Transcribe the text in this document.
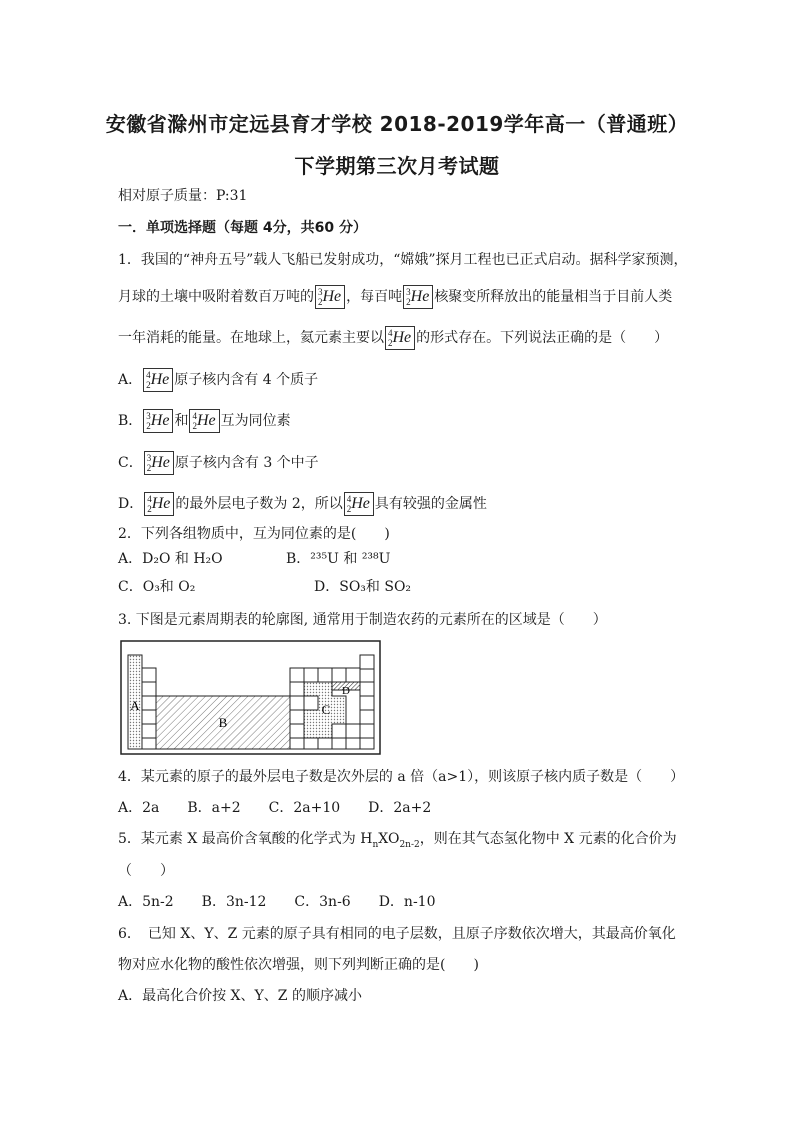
安徽省滁州市定远县育才学校 2018-2019学年高一（普通班）
下学期第三次月考试题
相对原子质量：P:31
一．单项选择题（每题 4分，共60 分）
1．我国的“神舟五号”载人飞船已发射成功，“嫦娥”探月工程也已正式启动。据科学家预测，
月球的土壤中吸附着数百万吨的 3
2 He ，每百吨 3
2 He 核聚变所释放出的能量相当于目前人类
一年消耗的能量。在地球上，氦元素主要以 4
2 He 的形式存在。下列说法正确的是（　　）
A． 4
2 He 原子核内含有 4 个质子
B． 3
2 He 和 4
2 He 互为同位素
C． 3
2 He 原子核内含有 3 个中子
D． 4
2 He 的最外层电子数为 2，所以 4
2 He 具有较强的金属性
2．下列各组物质中，互为同位素的是(　　)
A．D₂O 和 H₂O	B．²³⁵U 和 ²³⁸U
C．O₃和 O₂	D．SO₃和 SO₂
3. 下图是元素周期表的轮廓图, 通常用于制造农药的元素所在的区域是（　　）
A
B
C
D
4．某元素的原子的最外层电子数是次外层的 a 倍（a>1），则该原子核内质子数是（　　）
A．2a　　B．a+2　　C．2a+10　　D．2a+2
5．某元素 X 最高价含氧酸的化学式为 $H_nXO_{2n-2}$，则在其气态氢化物中 X 元素的化合价为
（　　）
A．5n-2　　B．3n-12　　C．3n-6　　D．n-10
6．　已知 X、Y、Z 元素的原子具有相同的电子层数，且原子序数依次增大，其最高价氧化
物对应水化物的酸性依次增强，则下列判断正确的是(　　)
A．最高化合价按 X、Y、Z 的顺序减小
